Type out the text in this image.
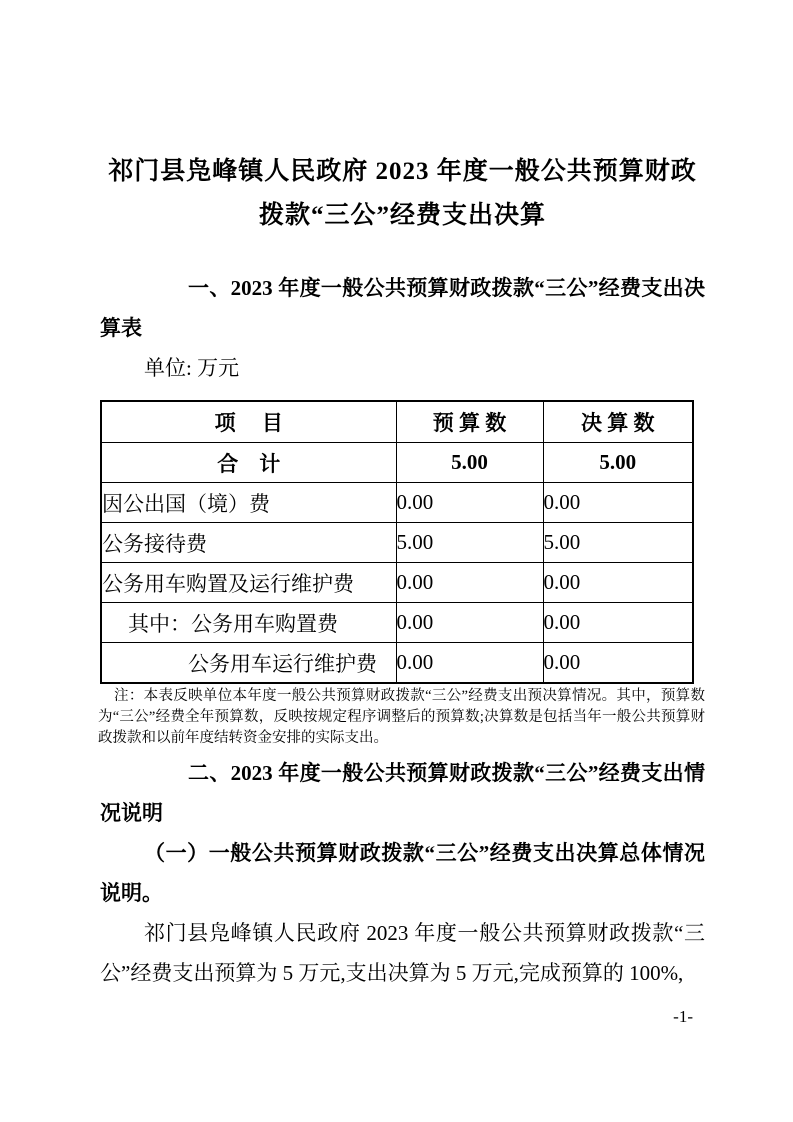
祁门县凫峰镇人民政府 2023 年度一般公共预算财政
拨款“三公”经费支出决算

一、2023 年度一般公共预算财政拨款“三公”经费支出决算表

单位: 万元

项　 目	预 算 数	决 算 数
合　计	5.00	5.00
因公出国（境）费	0.00	0.00
公务接待费	5.00	5.00
公务用车购置及运行维护费	0.00	0.00
其中：公务用车购置费	0.00	0.00
公务用车运行维护费	0.00	0.00

注：本表反映单位本年度一般公共预算财政拨款“三公”经费支出预决算情况。其中，预算数为“三公”经费全年预算数，反映按规定程序调整后的预算数;决算数是包括当年一般公共预算财政拨款和以前年度结转资金安排的实际支出。

二、2023 年度一般公共预算财政拨款“三公”经费支出情况说明

（一）一般公共预算财政拨款“三公”经费支出决算总体情况说明。

祁门县凫峰镇人民政府 2023 年度一般公共预算财政拨款“三公”经费支出预算为 5 万元,支出决算为 5 万元,完成预算的 100%,

-1-
